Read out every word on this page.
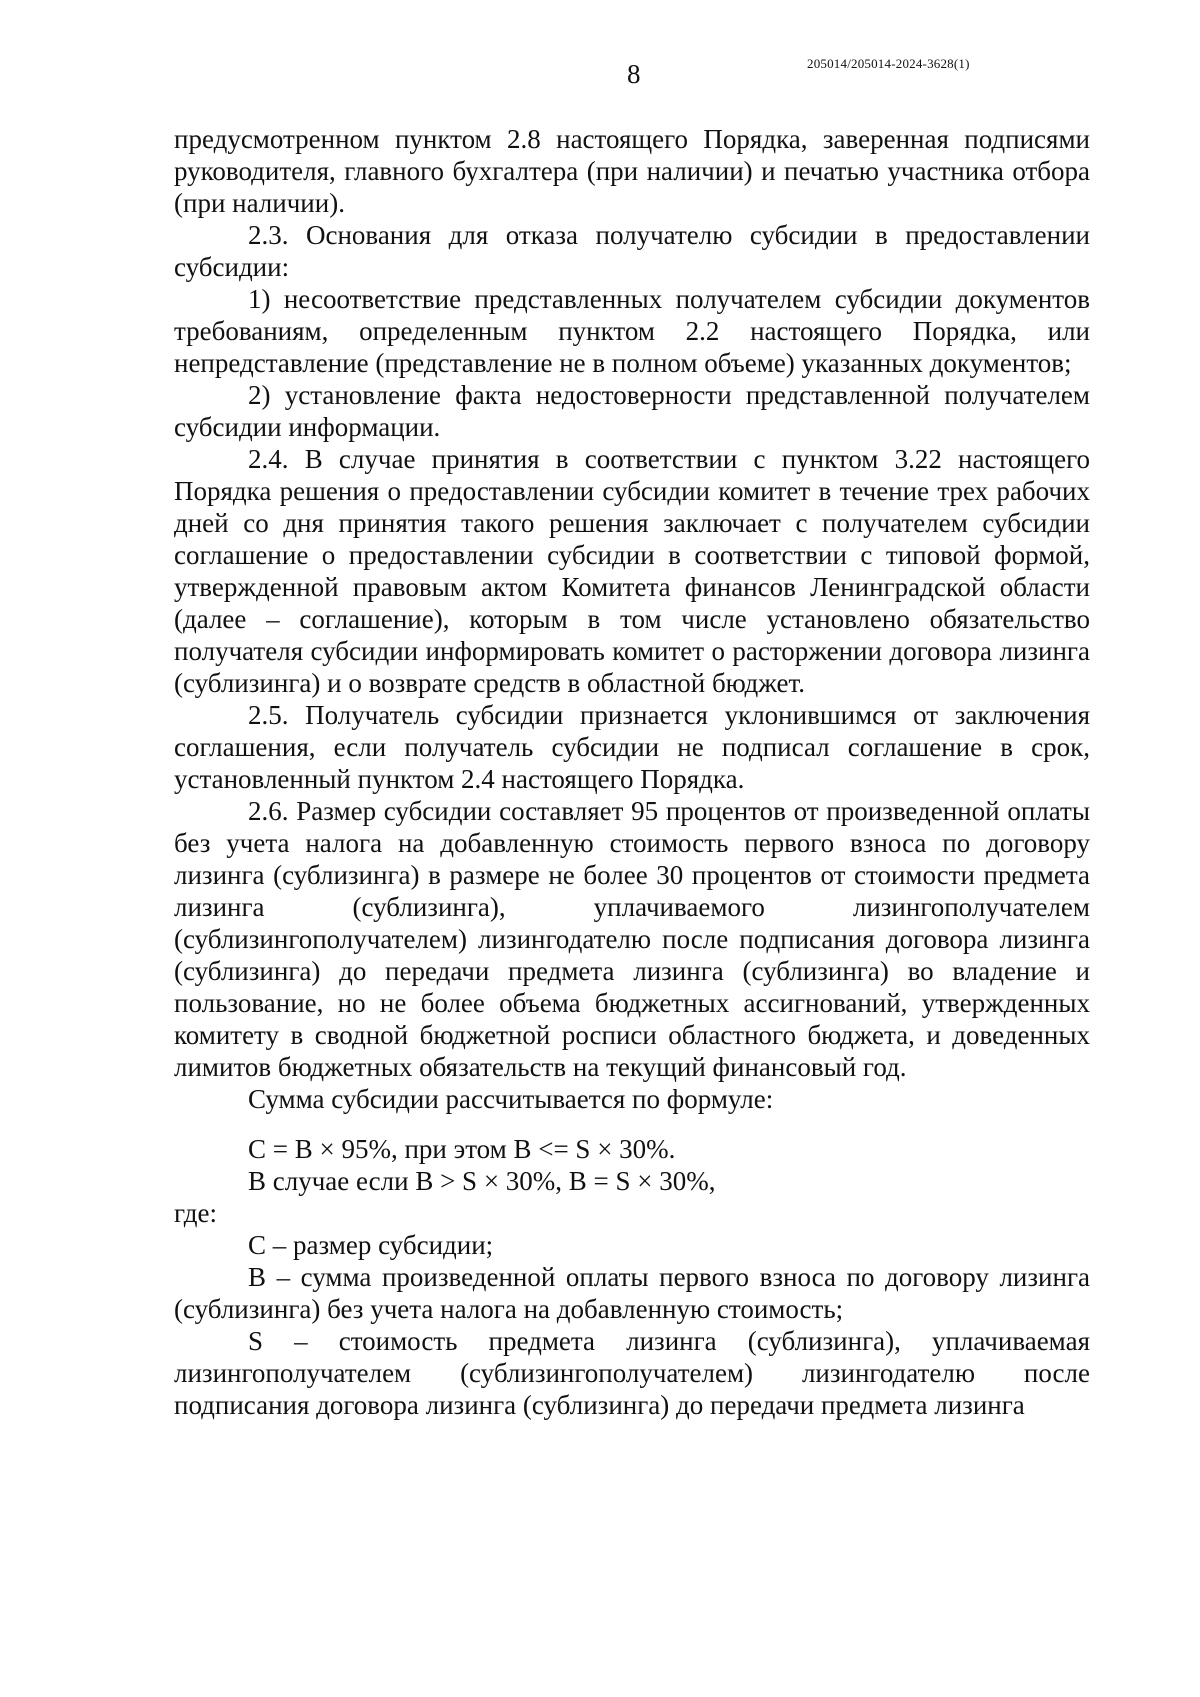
8	205014/205014-2024-3628(1)

предусмотренном пунктом 2.8 настоящего Порядка, заверенная подписями руководителя, главного бухгалтера (при наличии) и печатью участника отбора (при наличии).

2.3. Основания для отказа получателю субсидии в предоставлении субсидии:

1) несоответствие представленных получателем субсидии документов требованиям, определенным пунктом 2.2 настоящего Порядка, или непредставление (представление не в полном объеме) указанных документов;

2) установление факта недостоверности представленной получателем субсидии информации.

2.4. В случае принятия в соответствии с пунктом 3.22 настоящего Порядка решения о предоставлении субсидии комитет в течение трех рабочих дней со дня принятия такого решения заключает с получателем субсидии соглашение о предоставлении субсидии в соответствии с типовой формой, утвержденной правовым актом Комитета финансов Ленинградской области (далее – соглашение), которым в том числе установлено обязательство получателя субсидии информировать комитет о расторжении договора лизинга (сублизинга) и о возврате средств в областной бюджет.

2.5. Получатель субсидии признается уклонившимся от заключения соглашения, если получатель субсидии не подписал соглашение в срок, установленный пунктом 2.4 настоящего Порядка.

2.6. Размер субсидии составляет 95 процентов от произведенной оплаты без учета налога на добавленную стоимость первого взноса по договору лизинга (сублизинга) в размере не более 30 процентов от стоимости предмета лизинга (сублизинга), уплачиваемого лизингополучателем (сублизингополучателем) лизингодателю после подписания договора лизинга (сублизинга) до передачи предмета лизинга (сублизинга) во владение и пользование, но не более объема бюджетных ассигнований, утвержденных комитету в сводной бюджетной росписи областного бюджета, и доведенных лимитов бюджетных обязательств на текущий финансовый год.

Сумма субсидии рассчитывается по формуле:

С = В × 95%, при этом В <= S × 30%.

В случае если В > S × 30%, В = S × 30%,

где:

С – размер субсидии;

В – сумма произведенной оплаты первого взноса по договору лизинга (сублизинга) без учета налога на добавленную стоимость;

S – стоимость предмета лизинга (сублизинга), уплачиваемая лизингополучателем (сублизингополучателем) лизингодателю после подписания договора лизинга (сублизинга) до передачи предмета лизинга
